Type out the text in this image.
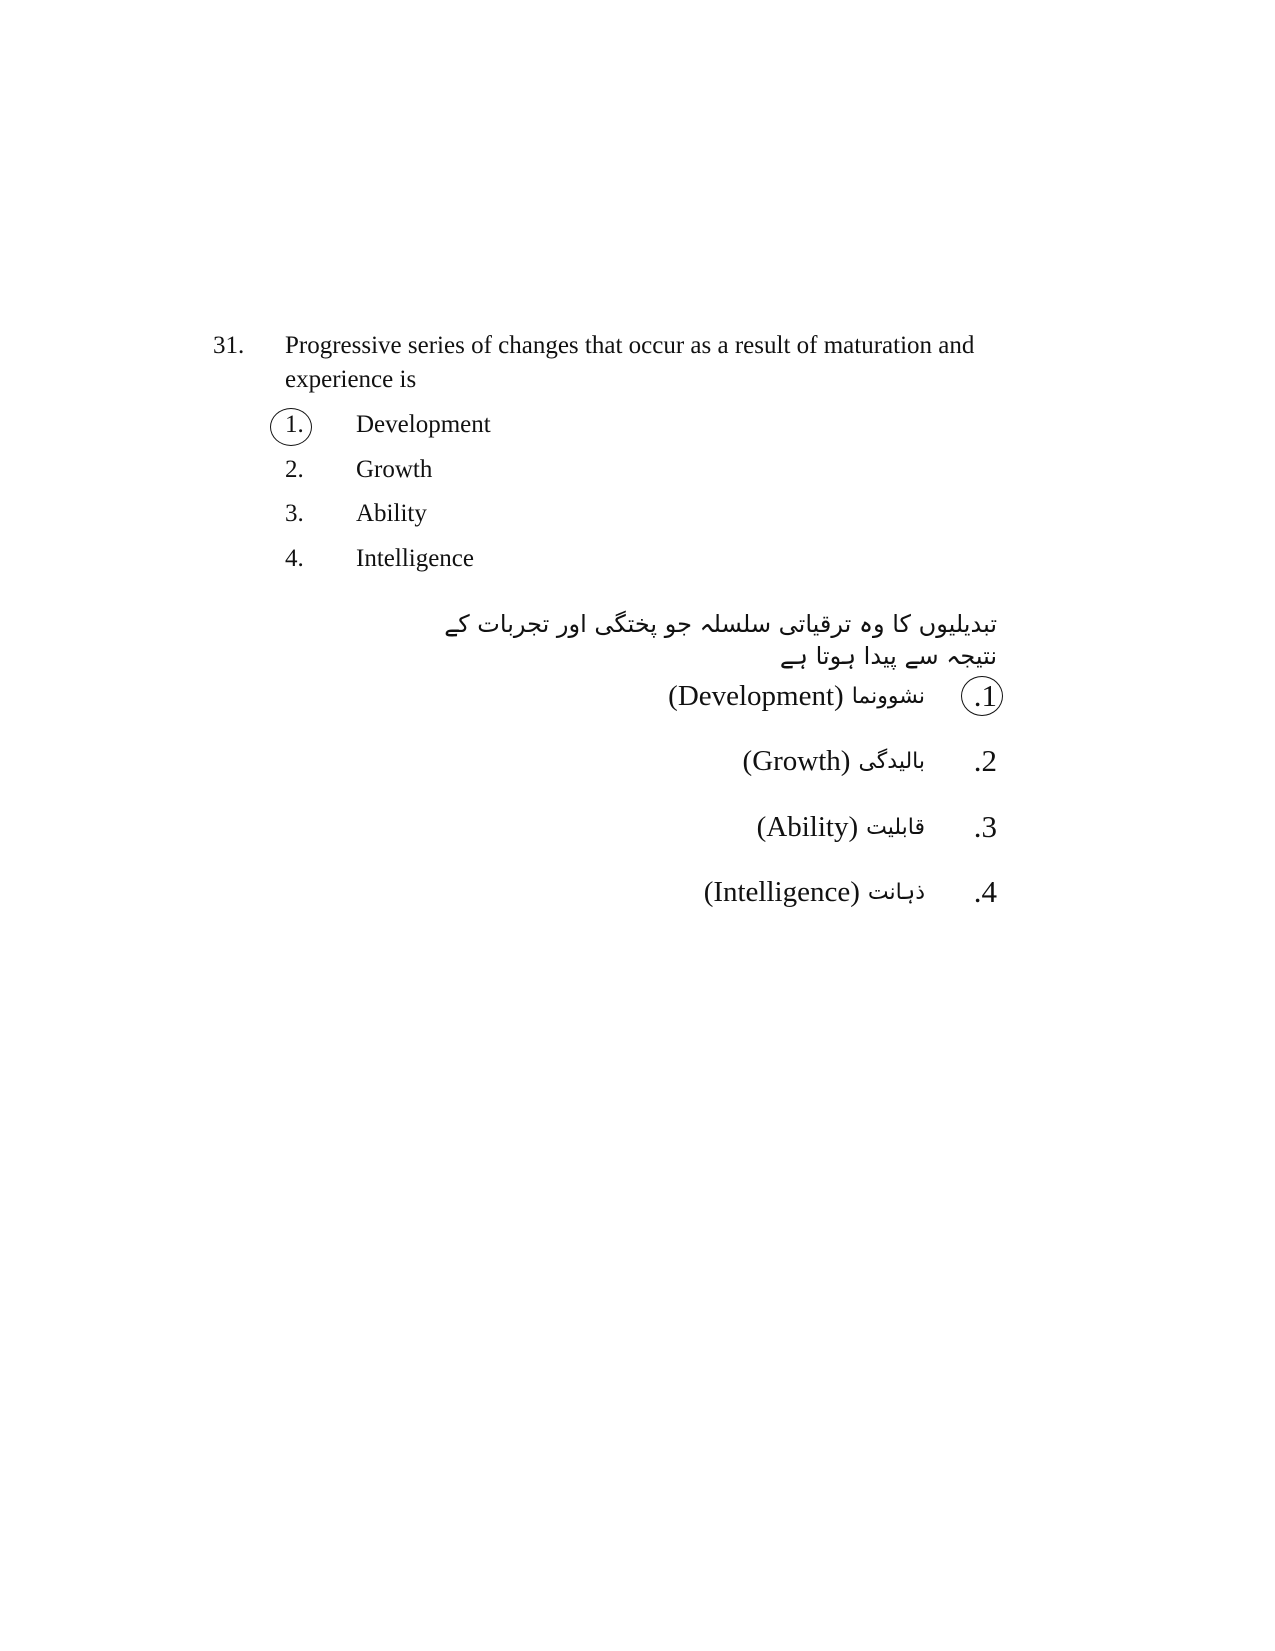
31. Progressive series of changes that occur as a result of maturation and experience is
1.	Development
2.	Growth
3.	Ability
4.	Intelligence
تبدیلیوں کا وہ ترقیاتی سلسلہ جو پختگی اور تجربات کے نتیجہ سے پیدا ہوتا ہے
(Development) نشوونما	.1
(Growth) بالیدگی	.2
(Ability) قابلیت	.3
(Intelligence) ذہانت	.4
